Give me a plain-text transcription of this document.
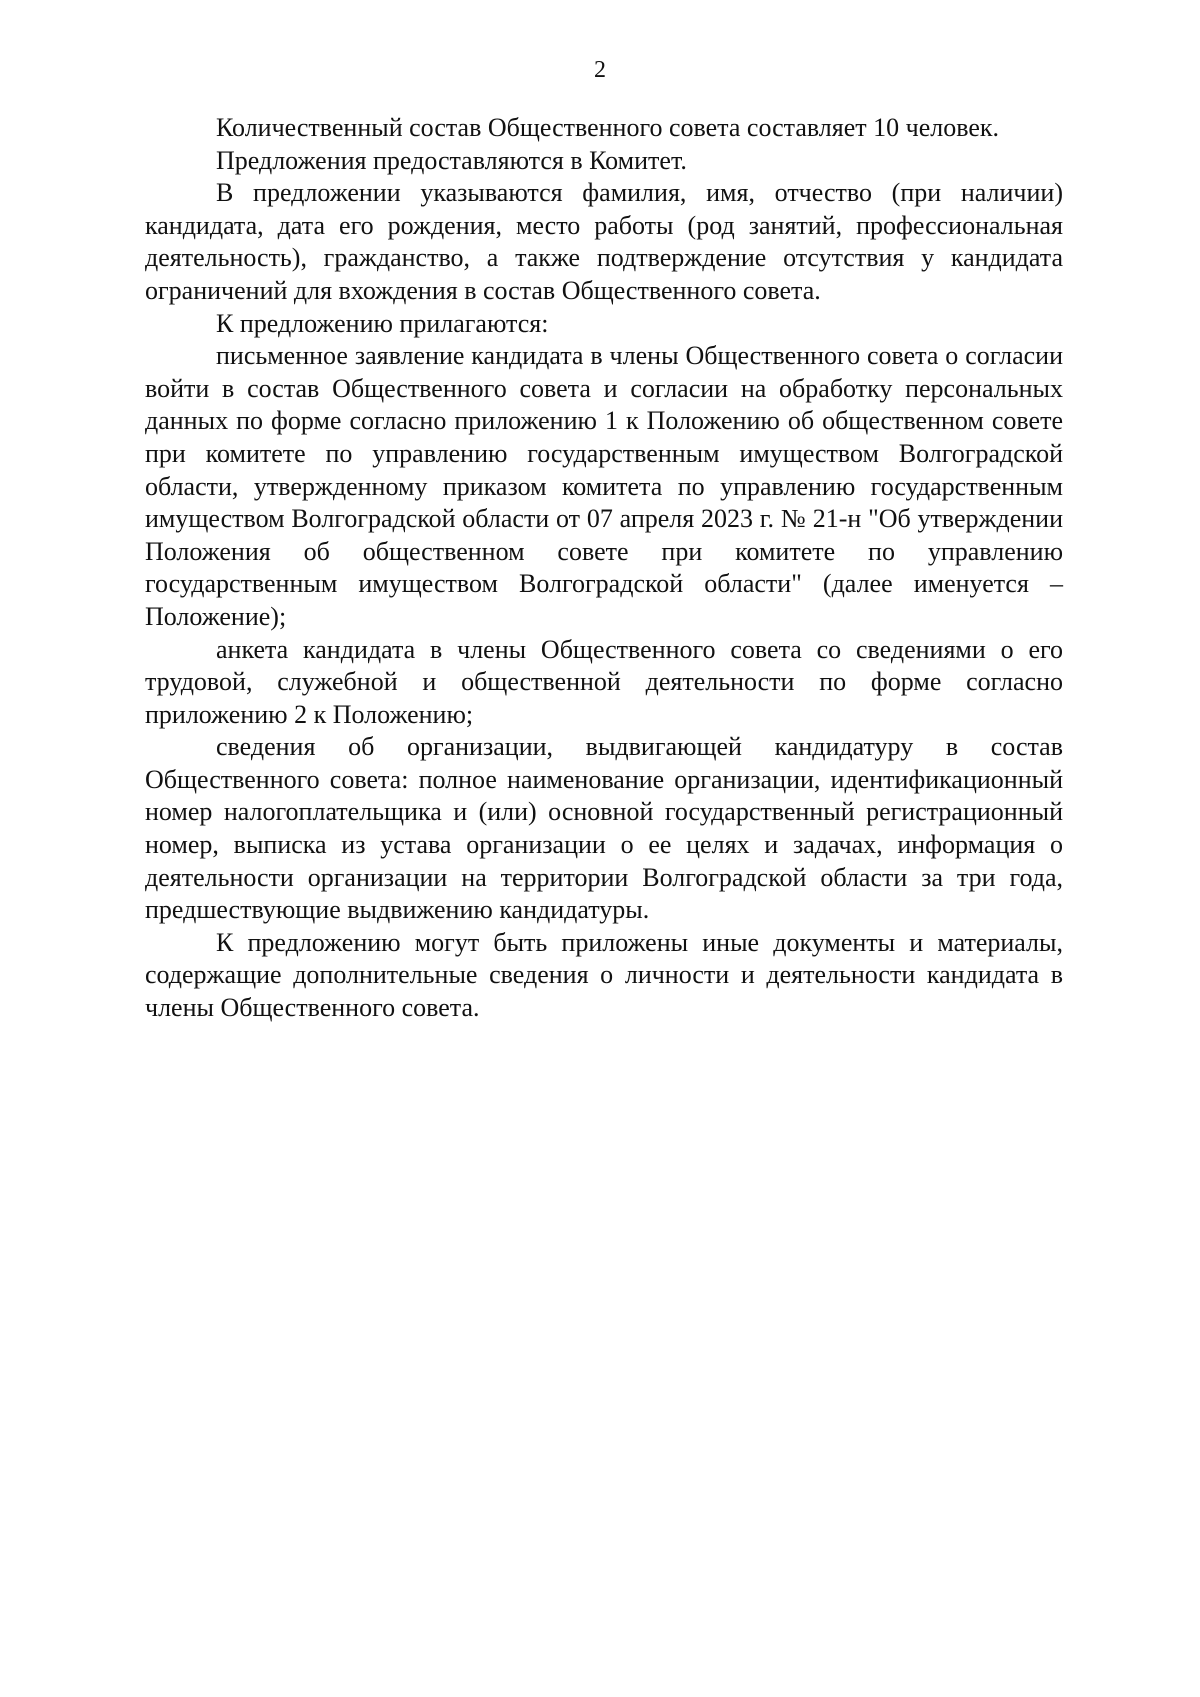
2

Количественный состав Общественного совета составляет 10 человек.

Предложения предоставляются в Комитет.

В предложении указываются фамилия, имя, отчество (при наличии) кандидата, дата его рождения, место работы (род занятий, профессиональная деятельность), гражданство, а также подтверждение отсутствия у кандидата ограничений для вхождения в состав Общественного совета.

К предложению прилагаются:

письменное заявление кандидата в члены Общественного совета о согласии войти в состав Общественного совета и согласии на обработку персональных данных по форме согласно приложению 1 к Положению об общественном совете при комитете по управлению государственным имуществом Волгоградской области, утвержденному приказом комитета по управлению государственным имуществом Волгоградской области от 07 апреля 2023 г. № 21-н "Об утверждении Положения об общественном совете при комитете по управлению государственным имуществом Волгоградской области" (далее именуется – Положение);

анкета кандидата в члены Общественного совета со сведениями о его трудовой, служебной и общественной деятельности по форме согласно приложению 2 к Положению;

сведения об организации, выдвигающей кандидатуру в состав Общественного совета: полное наименование организации, идентификационный номер налогоплательщика и (или) основной государственный регистрационный номер, выписка из устава организации о ее целях и задачах, информация о деятельности организации на территории Волгоградской области за три года, предшествующие выдвижению кандидатуры.

К предложению могут быть приложены иные документы и материалы, содержащие дополнительные сведения о личности и деятельности кандидата в члены Общественного совета.
